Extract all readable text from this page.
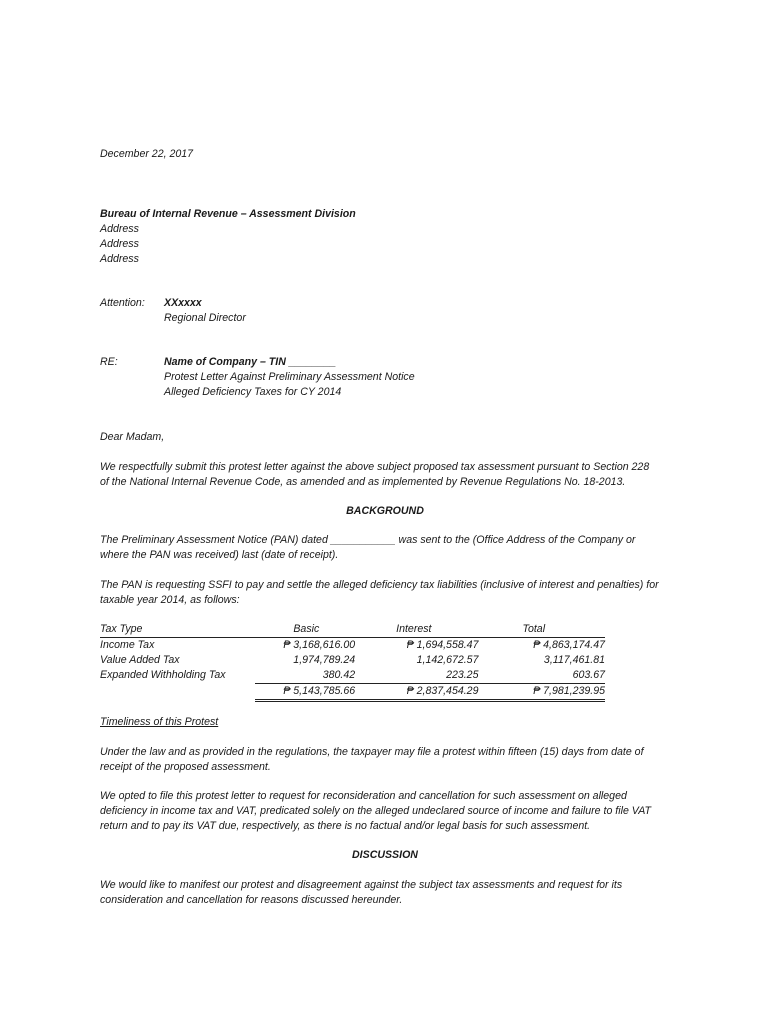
December 22, 2017
Bureau of Internal Revenue – Assessment Division
Address
Address
Address
Attention: XXxxxx
Regional Director
RE:	Name of Company – TIN ________
Protest Letter Against Preliminary Assessment Notice
Alleged Deficiency Taxes for CY 2014
Dear Madam,
We respectfully submit this protest letter against the above subject proposed tax assessment pursuant to Section 228
of the National Internal Revenue Code, as amended and as implemented by Revenue Regulations No. 18-2013.
BACKGROUND
The Preliminary Assessment Notice (PAN) dated ___________ was sent to the (Office Address of the Company or
where the PAN was received) last (date of receipt).
The PAN is requesting SSFI to pay and settle the alleged deficiency tax liabilities (inclusive of interest and penalties) for
taxable year 2014, as follows:
Tax Type	Basic	Interest	Total
Income Tax	₱ 3,168,616.00	₱ 1,694,558.47	₱ 4,863,174.47
Value Added Tax	1,974,789.24	1,142,672.57	3,117,461.81
Expanded Withholding Tax	380.42	223.25	603.67
	₱ 5,143,785.66	₱ 2,837,454.29	₱ 7,981,239.95
Timeliness of this Protest
Under the law and as provided in the regulations, the taxpayer may file a protest within fifteen (15) days from date of
receipt of the proposed assessment.
We opted to file this protest letter to request for reconsideration and cancellation for such assessment on alleged
deficiency in income tax and VAT, predicated solely on the alleged undeclared source of income and failure to file VAT
return and to pay its VAT due, respectively, as there is no factual and/or legal basis for such assessment.
DISCUSSION
We would like to manifest our protest and disagreement against the subject tax assessments and request for its
consideration and cancellation for reasons discussed hereunder.
